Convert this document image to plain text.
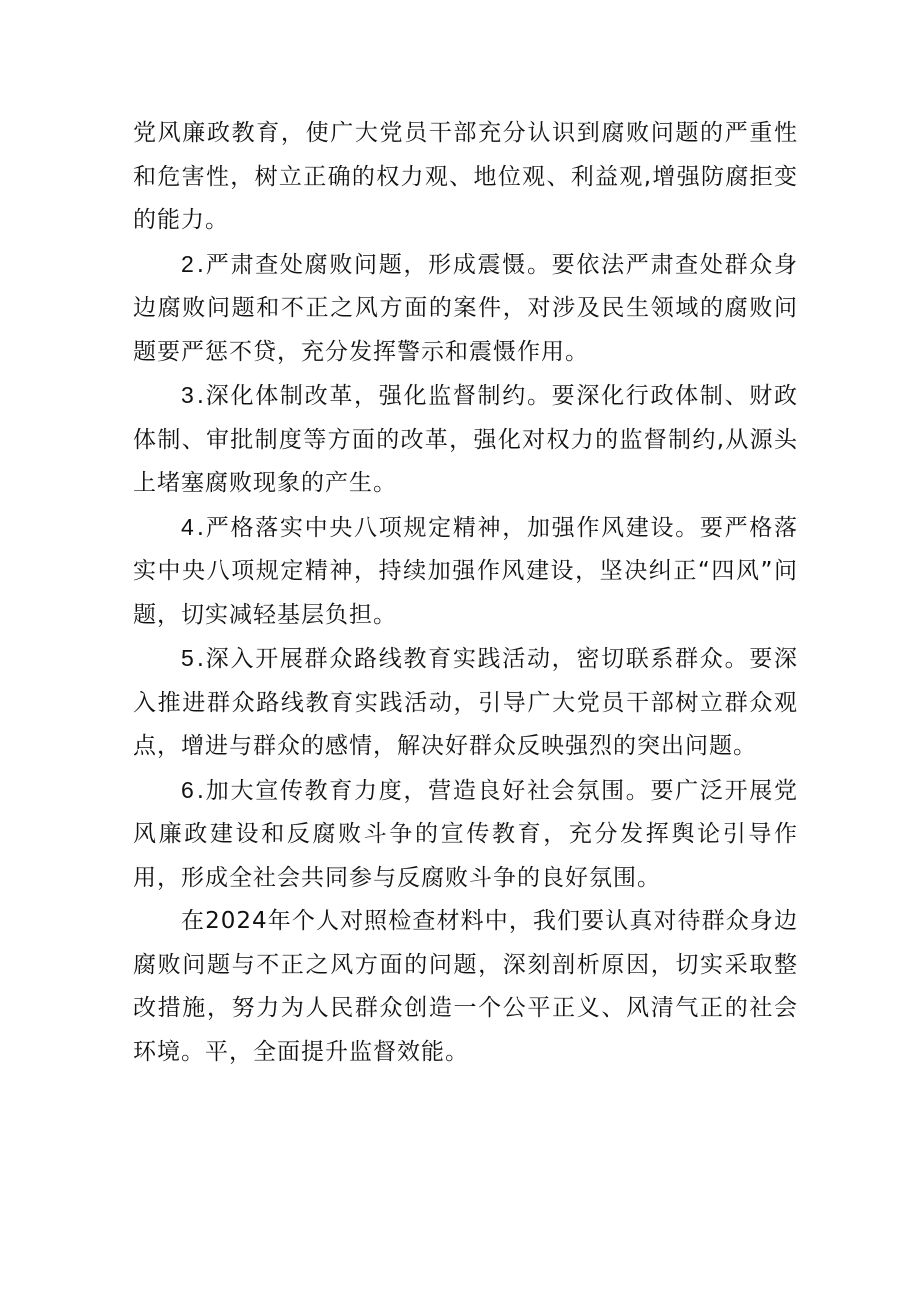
党风廉政教育，使广大党员干部充分认识到腐败问题的严重性和危害性，树立正确的权力观、地位观、利益观,增强防腐拒变的能力。

2.严肃查处腐败问题，形成震慑。要依法严肃查处群众身边腐败问题和不正之风方面的案件，对涉及民生领域的腐败问题要严惩不贷，充分发挥警示和震慑作用。

3.深化体制改革，强化监督制约。要深化行政体制、财政体制、审批制度等方面的改革，强化对权力的监督制约,从源头上堵塞腐败现象的产生。

4.严格落实中央八项规定精神，加强作风建设。要严格落实中央八项规定精神，持续加强作风建设，坚决纠正“四风”问题，切实减轻基层负担。

5.深入开展群众路线教育实践活动，密切联系群众。要深入推进群众路线教育实践活动，引导广大党员干部树立群众观点，增进与群众的感情，解决好群众反映强烈的突出问题。

6.加大宣传教育力度，营造良好社会氛围。要广泛开展党风廉政建设和反腐败斗争的宣传教育，充分发挥舆论引导作用，形成全社会共同参与反腐败斗争的良好氛围。

在2024年个人对照检查材料中，我们要认真对待群众身边腐败问题与不正之风方面的问题，深刻剖析原因，切实采取整改措施，努力为人民群众创造一个公平正义、风清气正的社会环境。平，全面提升监督效能。
